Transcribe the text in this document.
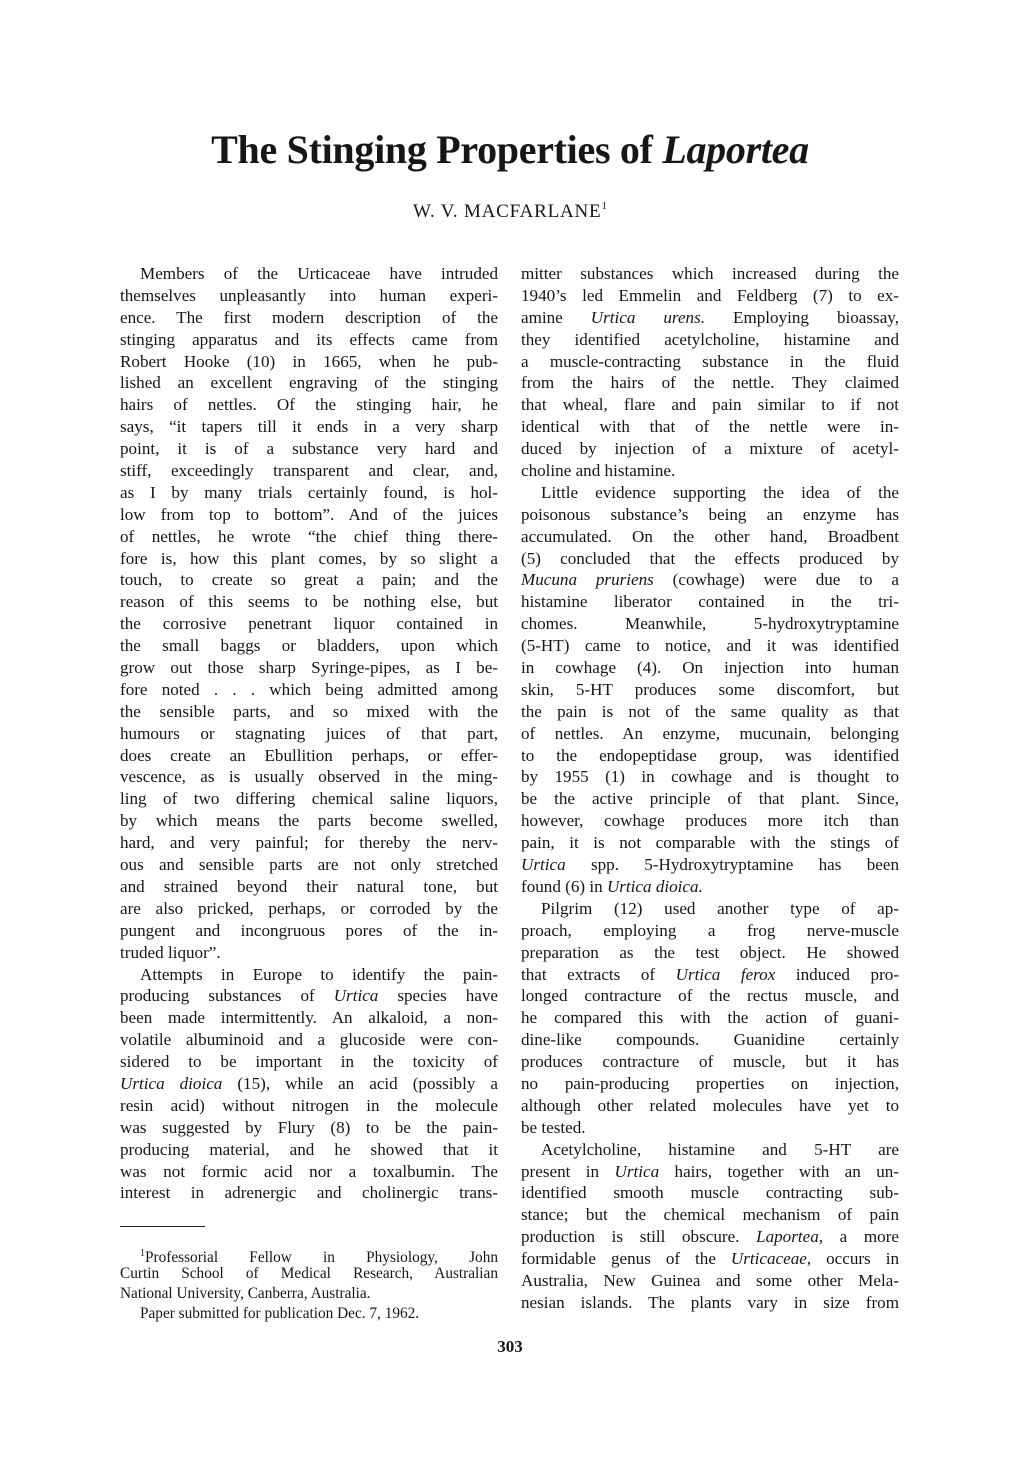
The Stinging Properties of Laportea
W. V. MACFARLANE$^1$
Members of the Urticaceae have intruded
themselves unpleasantly into human experi-
ence. The first modern description of the
stinging apparatus and its effects came from
Robert Hooke (10) in 1665, when he pub-
lished an excellent engraving of the stinging
hairs of nettles. Of the stinging hair, he
says, “it tapers till it ends in a very sharp
point, it is of a substance very hard and
stiff, exceedingly transparent and clear, and,
as I by many trials certainly found, is hol-
low from top to bottom”. And of the juices
of nettles, he wrote “the chief thing there-
fore is, how this plant comes, by so slight a
touch, to create so great a pain; and the
reason of this seems to be nothing else, but
the corrosive penetrant liquor contained in
the small baggs or bladders, upon which
grow out those sharp Syringe-pipes, as I be-
fore noted . . . which being admitted among
the sensible parts, and so mixed with the
humours or stagnating juices of that part,
does create an Ebullition perhaps, or effer-
vescence, as is usually observed in the ming-
ling of two differing chemical saline liquors,
by which means the parts become swelled,
hard, and very painful; for thereby the nerv-
ous and sensible parts are not only stretched
and strained beyond their natural tone, but
are also pricked, perhaps, or corroded by the
pungent and incongruous pores of the in-
truded liquor”.
Attempts in Europe to identify the pain-
producing substances of Urtica species have
been made intermittently. An alkaloid, a non-
volatile albuminoid and a glucoside were con-
sidered to be important in the toxicity of
Urtica dioica (15), while an acid (possibly a
resin acid) without nitrogen in the molecule
was suggested by Flury (8) to be the pain-
producing material, and he showed that it
was not formic acid nor a toxalbumin. The
interest in adrenergic and cholinergic trans-
mitter substances which increased during the
1940’s led Emmelin and Feldberg (7) to ex-
amine Urtica urens. Employing bioassay,
they identified acetylcholine, histamine and
a muscle-contracting substance in the fluid
from the hairs of the nettle. They claimed
that wheal, flare and pain similar to if not
identical with that of the nettle were in-
duced by injection of a mixture of acetyl-
choline and histamine.
Little evidence supporting the idea of the
poisonous substance’s being an enzyme has
accumulated. On the other hand, Broadbent
(5) concluded that the effects produced by
Mucuna pruriens (cowhage) were due to a
histamine liberator contained in the tri-
chomes. Meanwhile, 5-hydroxytryptamine
(5-HT) came to notice, and it was identified
in cowhage (4). On injection into human
skin, 5-HT produces some discomfort, but
the pain is not of the same quality as that
of nettles. An enzyme, mucunain, belonging
to the endopeptidase group, was identified
by 1955 (1) in cowhage and is thought to
be the active principle of that plant. Since,
however, cowhage produces more itch than
pain, it is not comparable with the stings of
Urtica spp. 5-Hydroxytryptamine has been
found (6) in Urtica dioica.
Pilgrim (12) used another type of ap-
proach, employing a frog nerve-muscle
preparation as the test object. He showed
that extracts of Urtica ferox induced pro-
longed contracture of the rectus muscle, and
he compared this with the action of guani-
dine-like compounds. Guanidine certainly
produces contracture of muscle, but it has
no pain-producing properties on injection,
although other related molecules have yet to
be tested.
Acetylcholine, histamine and 5-HT are
present in Urtica hairs, together with an un-
identified smooth muscle contracting sub-
stance; but the chemical mechanism of pain
production is still obscure. Laportea, a more
formidable genus of the Urticaceae, occurs in
Australia, New Guinea and some other Mela-
nesian islands. The plants vary in size from
$^1$Professorial Fellow in Physiology, John
Curtin School of Medical Research, Australian
National University, Canberra, Australia.
Paper submitted for publication Dec. 7, 1962.
303
